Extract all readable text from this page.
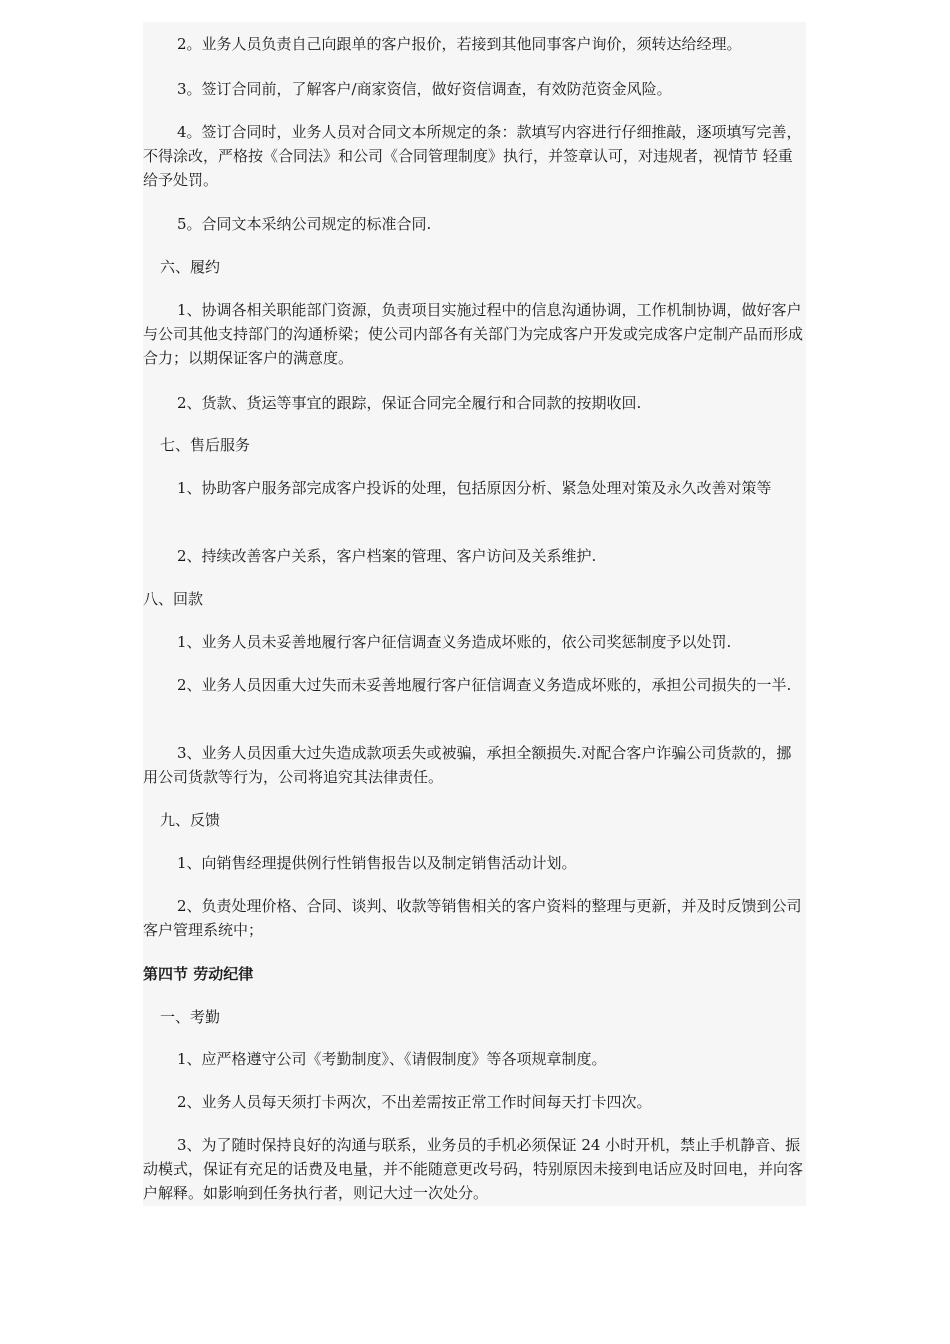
2。业务人员负责自己向跟单的客户报价，若接到其他同事客户询价，须转达给经理。
3。签订合同前，了解客户/商家资信，做好资信调查，有效防范资金风险。
4。签订合同时，业务人员对合同文本所规定的条：款填写内容进行仔细推敲，逐项填写完善，不得涂改，严格按《合同法》和公司《合同管理制度》执行，并签章认可，对违规者，视情节 轻重给予处罚。
5。合同文本采纳公司规定的标准合同.
六、履约
1、协调各相关职能部门资源，负责项目实施过程中的信息沟通协调，工作机制协调，做好客户与公司其他支持部门的沟通桥梁；使公司内部各有关部门为完成客户开发或完成客户定制产品而形成合力；以期保证客户的满意度。
2、货款、货运等事宜的跟踪，保证合同完全履行和合同款的按期收回.
七、售后服务
1、协助客户服务部完成客户投诉的处理，包括原因分析、紧急处理对策及永久改善对策等
2、持续改善客户关系，客户档案的管理、客户访问及关系维护.
八、回款
1、业务人员未妥善地履行客户征信调查义务造成坏账的，依公司奖惩制度予以处罚.
2、业务人员因重大过失而未妥善地履行客户征信调查义务造成坏账的，承担公司损失的一半.
3、业务人员因重大过失造成款项丢失或被骗，承担全额损失.对配合客户诈骗公司货款的，挪用公司货款等行为，公司将追究其法律责任。
九、反馈
1、向销售经理提供例行性销售报告以及制定销售活动计划。
2、负责处理价格、合同、谈判、收款等销售相关的客户资料的整理与更新，并及时反馈到公司客户管理系统中；
第四节 劳动纪律
一、考勤
1、应严格遵守公司《考勤制度》、《请假制度》等各项规章制度。
2、业务人员每天须打卡两次，不出差需按正常工作时间每天打卡四次。
3、为了随时保持良好的沟通与联系，业务员的手机必须保证 24 小时开机，禁止手机静音、振动模式，保证有充足的话费及电量，并不能随意更改号码，特别原因未接到电话应及时回电，并向客户解释。如影响到任务执行者，则记大过一次处分。
